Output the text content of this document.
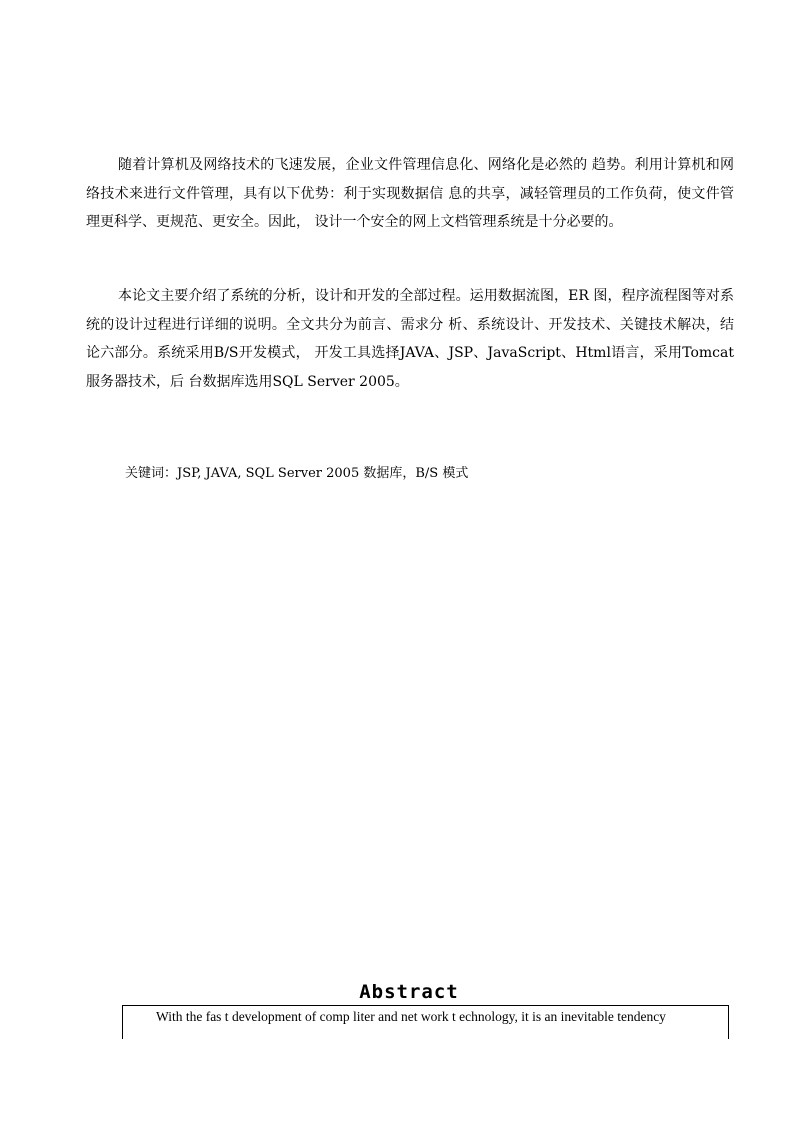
随着计算机及网络技术的飞速发展，企业文件管理信息化、网络化是必然的 趋势。利用计算机和网络技术来进行文件管理，具有以下优势：利于实现数据信 息的共享，减轻管理员的工作负荷，使文件管理更科学、更规范、更安全。因此， 设计一个安全的网上文档管理系统是十分必要的。

本论文主要介绍了系统的分析，设计和开发的全部过程。运用数据流图，ER 图，程序流程图等对系统的设计过程进行详细的说明。全文共分为前言、需求分 析、系统设计、开发技术、关键技术解决，结论六部分。系统采用B/S开发模式， 开发工具选择JAVA、JSP、JavaScript、Html语言，采用Tomcat服务器技术，后 台数据库选用SQL Server 2005。

关键词：JSP, JAVA, SQL Server 2005 数据库，B/S 模式

Abstract

With the fas t development of comp liter and net work t echnology, it is an inevitable tendency
